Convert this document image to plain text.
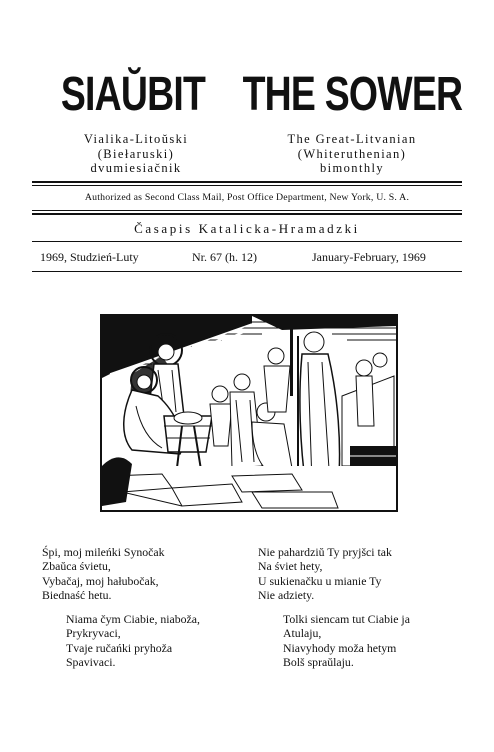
SIAŬBIT THE SOWER
Vialika-Litoŭski
(Biełaruski)
dvumiesiačnik
The Great-Litvanian
(Whiteruthenian)
bimonthly
Authorized as Second Class Mail, Post Office Department, New York, U. S. A.
Časapis Katalicka-Hramadzki
1969, Studzień-Luty	Nr. 67 (h. 12)	January-February, 1969
Śpi, moj mileńki Synočak
Zbaŭca śvietu,
Vybačaj, moj hałubočak,
Biednaść hetu.
Niama čym Ciabie, niaboža,
Prykryvaci,
Tvaje ručańki pryhoža
Spavivaci.
Nie pahardziŭ Ty pryjšci tak
Na śviet hety,
U sukienačku u mianie Ty
Nie adziety.
Tolki siencam tut Ciabie ja
Atulaju,
Niavyhody moža hetym
Bolš spraŭlaju.
